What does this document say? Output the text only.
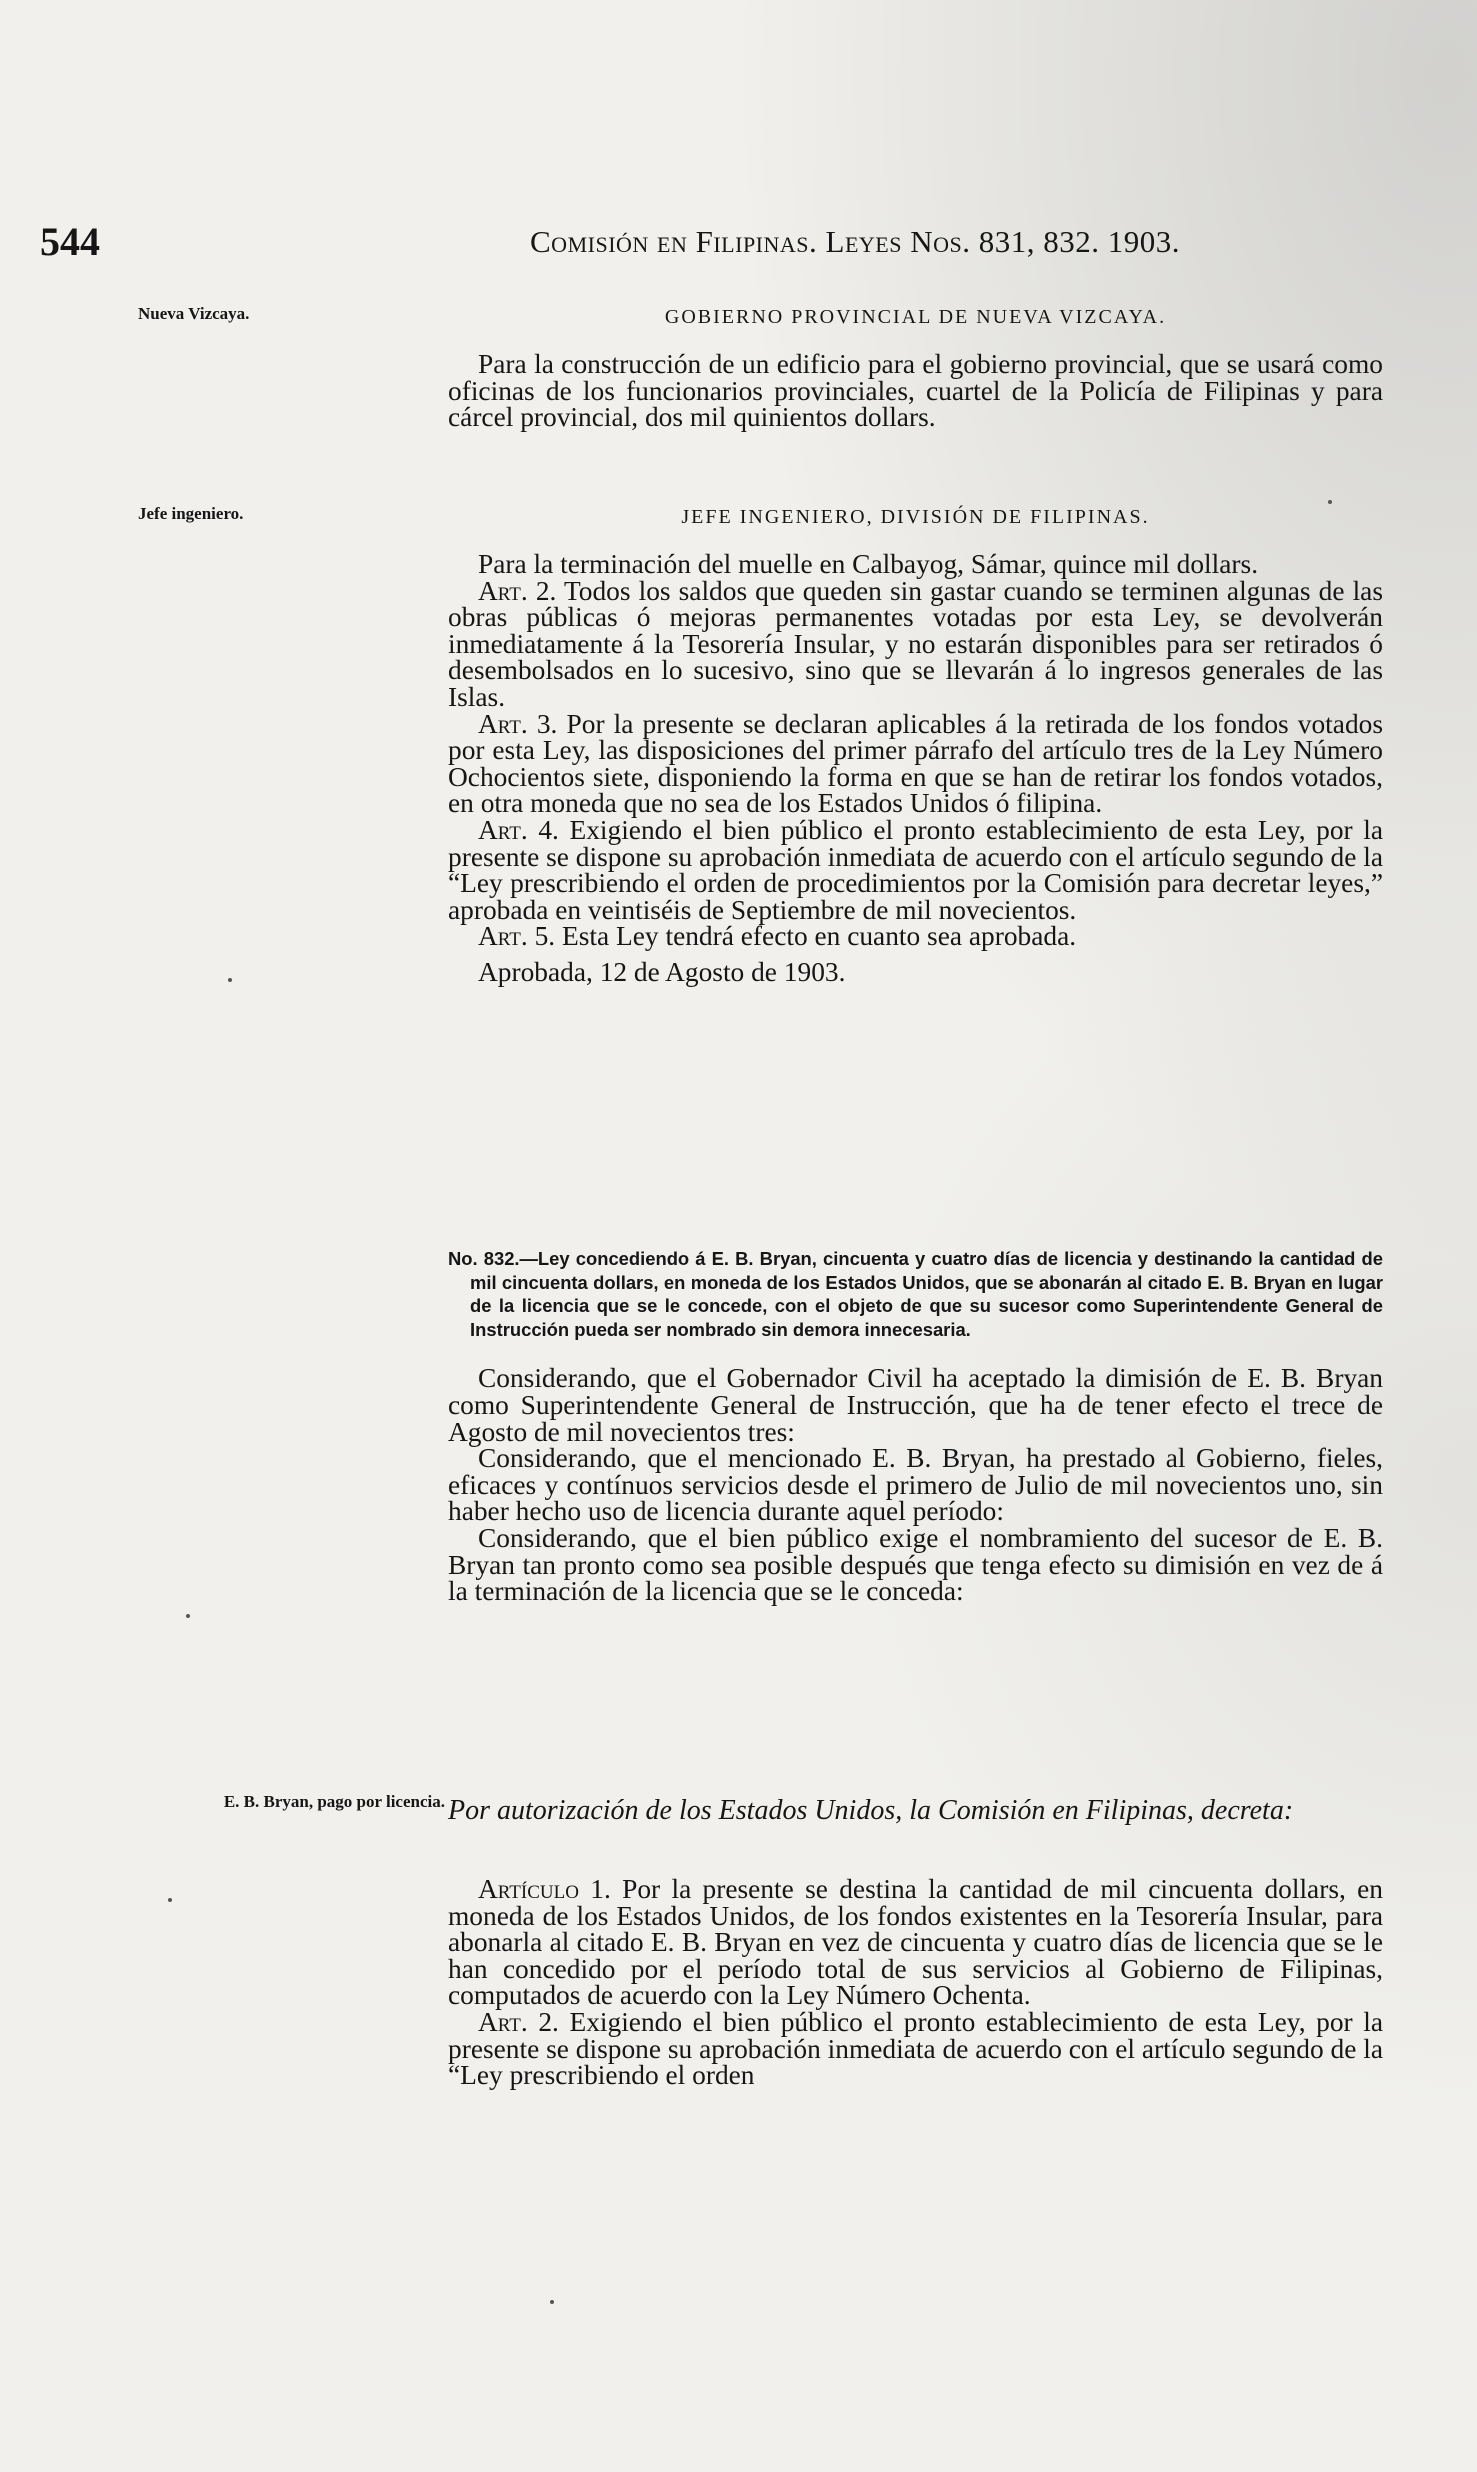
544	Comisión en Filipinas. Leyes Nos. 831, 832. 1903.
Nueva Vizcaya.
Jefe ingeniero.
E. B. Bryan, pago por licencia.
GOBIERNO PROVINCIAL DE NUEVA VIZCAYA.

Para la construcción de un edificio para el gobierno provincial, que se usará como oficinas de los funcionarios provinciales, cuartel de la Policía de Filipinas y para cárcel provincial, dos mil quinientos dollars.

JEFE INGENIERO, DIVISIÓN DE FILIPINAS.

Para la terminación del muelle en Calbayog, Sámar, quince mil dollars.

Art. 2. Todos los saldos que queden sin gastar cuando se terminen algunas de las obras públicas ó mejoras permanentes votadas por esta Ley, se devolverán inmediatamente á la Tesorería Insular, y no estarán disponibles para ser retirados ó desembolsados en lo sucesivo, sino que se llevarán á lo ingresos generales de las Islas.

Art. 3. Por la presente se declaran aplicables á la retirada de los fondos votados por esta Ley, las disposiciones del primer párrafo del artículo tres de la Ley Número Ochocientos siete, disponiendo la forma en que se han de retirar los fondos votados, en otra moneda que no sea de los Estados Unidos ó filipina.

Art. 4. Exigiendo el bien público el pronto establecimiento de esta Ley, por la presente se dispone su aprobación inmediata de acuerdo con el artículo segundo de la “Ley prescribiendo el orden de procedimientos por la Comisión para decretar leyes,” aprobada en veintiséis de Septiembre de mil novecientos.

Art. 5. Esta Ley tendrá efecto en cuanto sea aprobada.

Aprobada, 12 de Agosto de 1903.

No. 832.—Ley concediendo á E. B. Bryan, cincuenta y cuatro días de licencia y destinando la cantidad de mil cincuenta dollars, en moneda de los Estados Unidos, que se abonarán al citado E. B. Bryan en lugar de la licencia que se le concede, con el objeto de que su sucesor como Superintendente General de Instrucción pueda ser nombrado sin demora innecesaria.

Considerando, que el Gobernador Civil ha aceptado la dimisión de E. B. Bryan como Superintendente General de Instrucción, que ha de tener efecto el trece de Agosto de mil novecientos tres:

Considerando, que el mencionado E. B. Bryan, ha prestado al Gobierno, fieles, eficaces y contínuos servicios desde el primero de Julio de mil novecientos uno, sin haber hecho uso de licencia durante aquel período:

Considerando, que el bien público exige el nombramiento del sucesor de E. B. Bryan tan pronto como sea posible después que tenga efecto su dimisión en vez de á la terminación de la licencia que se le conceda:

Por autorización de los Estados Unidos, la Comisión en Filipinas, decreta:

Artículo 1. Por la presente se destina la cantidad de mil cincuenta dollars, en moneda de los Estados Unidos, de los fondos existentes en la Tesorería Insular, para abonarla al citado E. B. Bryan en vez de cincuenta y cuatro días de licencia que se le han concedido por el período total de sus servicios al Gobierno de Filipinas, computados de acuerdo con la Ley Número Ochenta.

Art. 2. Exigiendo el bien público el pronto establecimiento de esta Ley, por la presente se dispone su aprobación inmediata de acuerdo con el artículo segundo de la “Ley prescribiendo el orden
